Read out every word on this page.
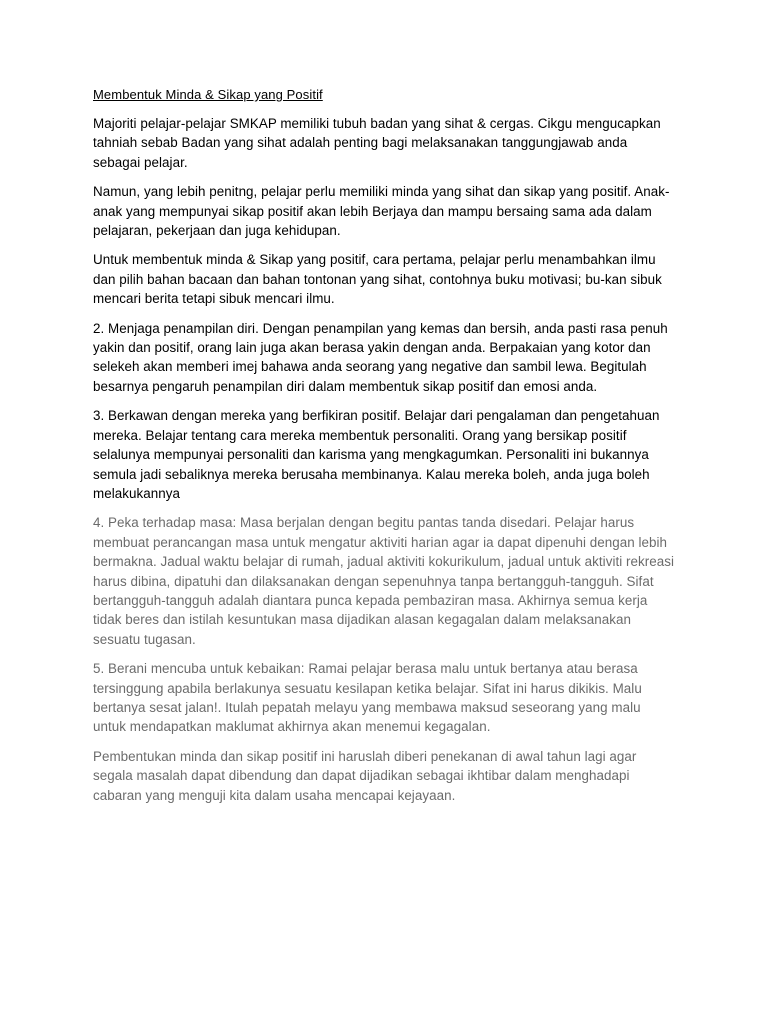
Membentuk Minda & Sikap yang Positif

Majoriti pelajar-pelajar SMKAP memiliki tubuh badan yang sihat & cergas. Cikgu mengucapkan tahniah sebab Badan yang sihat adalah penting bagi melaksanakan tanggungjawab anda sebagai pelajar.

Namun, yang lebih penitng, pelajar perlu memiliki minda yang sihat dan sikap yang positif. Anak-anak yang mempunyai sikap positif akan lebih Berjaya dan mampu bersaing sama ada dalam pelajaran, pekerjaan dan juga kehidupan.

Untuk membentuk minda & Sikap yang positif, cara pertama, pelajar perlu menambahkan ilmu dan pilih bahan bacaan dan bahan tontonan yang sihat, contohnya buku motivasi; bu-kan sibuk mencari berita tetapi sibuk mencari ilmu.

2. Menjaga penampilan diri. Dengan penampilan yang kemas dan bersih, anda pasti rasa penuh yakin dan positif, orang lain juga akan berasa yakin dengan anda. Berpakaian yang kotor dan selekeh akan memberi imej bahawa anda seorang yang negative dan sambil lewa. Begitulah besarnya pengaruh penampilan diri dalam membentuk sikap positif dan emosi anda.

3. Berkawan dengan mereka yang berfikiran positif. Belajar dari pengalaman dan pengetahuan mereka. Belajar tentang cara mereka membentuk personaliti. Orang yang bersikap positif selalunya mempunyai personaliti dan karisma yang mengkagumkan. Personaliti ini bukannya semula jadi sebaliknya mereka berusaha membinanya. Kalau mereka boleh, anda juga boleh melakukannya

4. Peka terhadap masa: Masa berjalan dengan begitu pantas tanda disedari. Pelajar harus membuat perancangan masa untuk mengatur aktiviti harian agar ia dapat dipenuhi dengan lebih bermakna. Jadual waktu belajar di rumah, jadual aktiviti kokurikulum, jadual untuk aktiviti rekreasi harus dibina, dipatuhi dan dilaksanakan dengan sepenuhnya tanpa bertangguh-tangguh. Sifat bertangguh-tangguh adalah diantara punca kepada pembaziran masa. Akhirnya semua kerja tidak beres dan istilah kesuntukan masa dijadikan alasan kegagalan dalam melaksanakan sesuatu tugasan.

5. Berani mencuba untuk kebaikan: Ramai pelajar berasa malu untuk bertanya atau berasa tersinggung apabila berlakunya sesuatu kesilapan ketika belajar. Sifat ini harus dikikis. Malu bertanya sesat jalan!. Itulah pepatah melayu yang membawa maksud seseorang yang malu untuk mendapatkan maklumat akhirnya akan menemui kegagalan.

Pembentukan minda dan sikap positif ini haruslah diberi penekanan di awal tahun lagi agar segala masalah dapat dibendung dan dapat dijadikan sebagai ikhtibar dalam menghadapi cabaran yang menguji kita dalam usaha mencapai kejayaan.
